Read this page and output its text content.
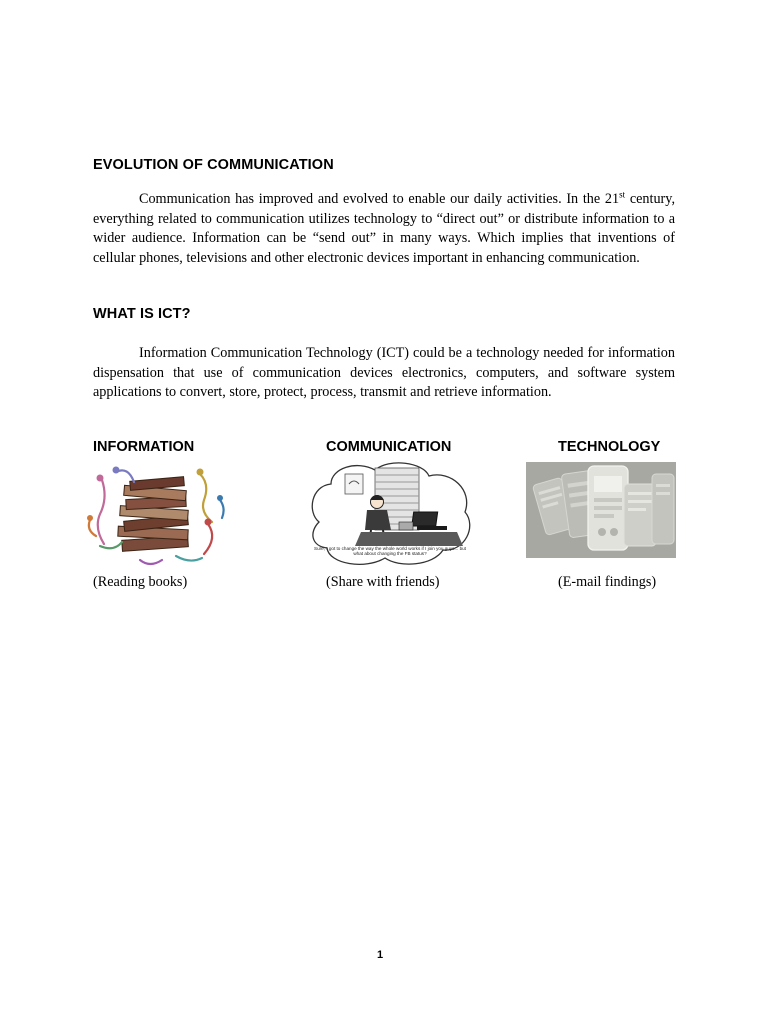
EVOLUTION OF COMMUNICATION

Communication has improved and evolved to enable our daily activities. In the 21st century, everything related to communication utilizes technology to “direct out” or distribute information to a wider audience. Information can be “send out” in many ways. Which implies that inventions of cellular phones, televisions and other electronic devices important in enhancing communication.

WHAT IS ICT?

Information Communication Technology (ICT) could be a technology needed for information dispensation that use of communication devices electronics, computers, and software system applications to convert, store, protect, process, transmit and retrieve information.

INFORMATION	COMMUNICATION	TECHNOLOGY
Sure, I got to change the way the whole world works if I join you guys... but what about changing the FB status?

(Reading books)	(Share with friends)	(E-mail findings)

1
